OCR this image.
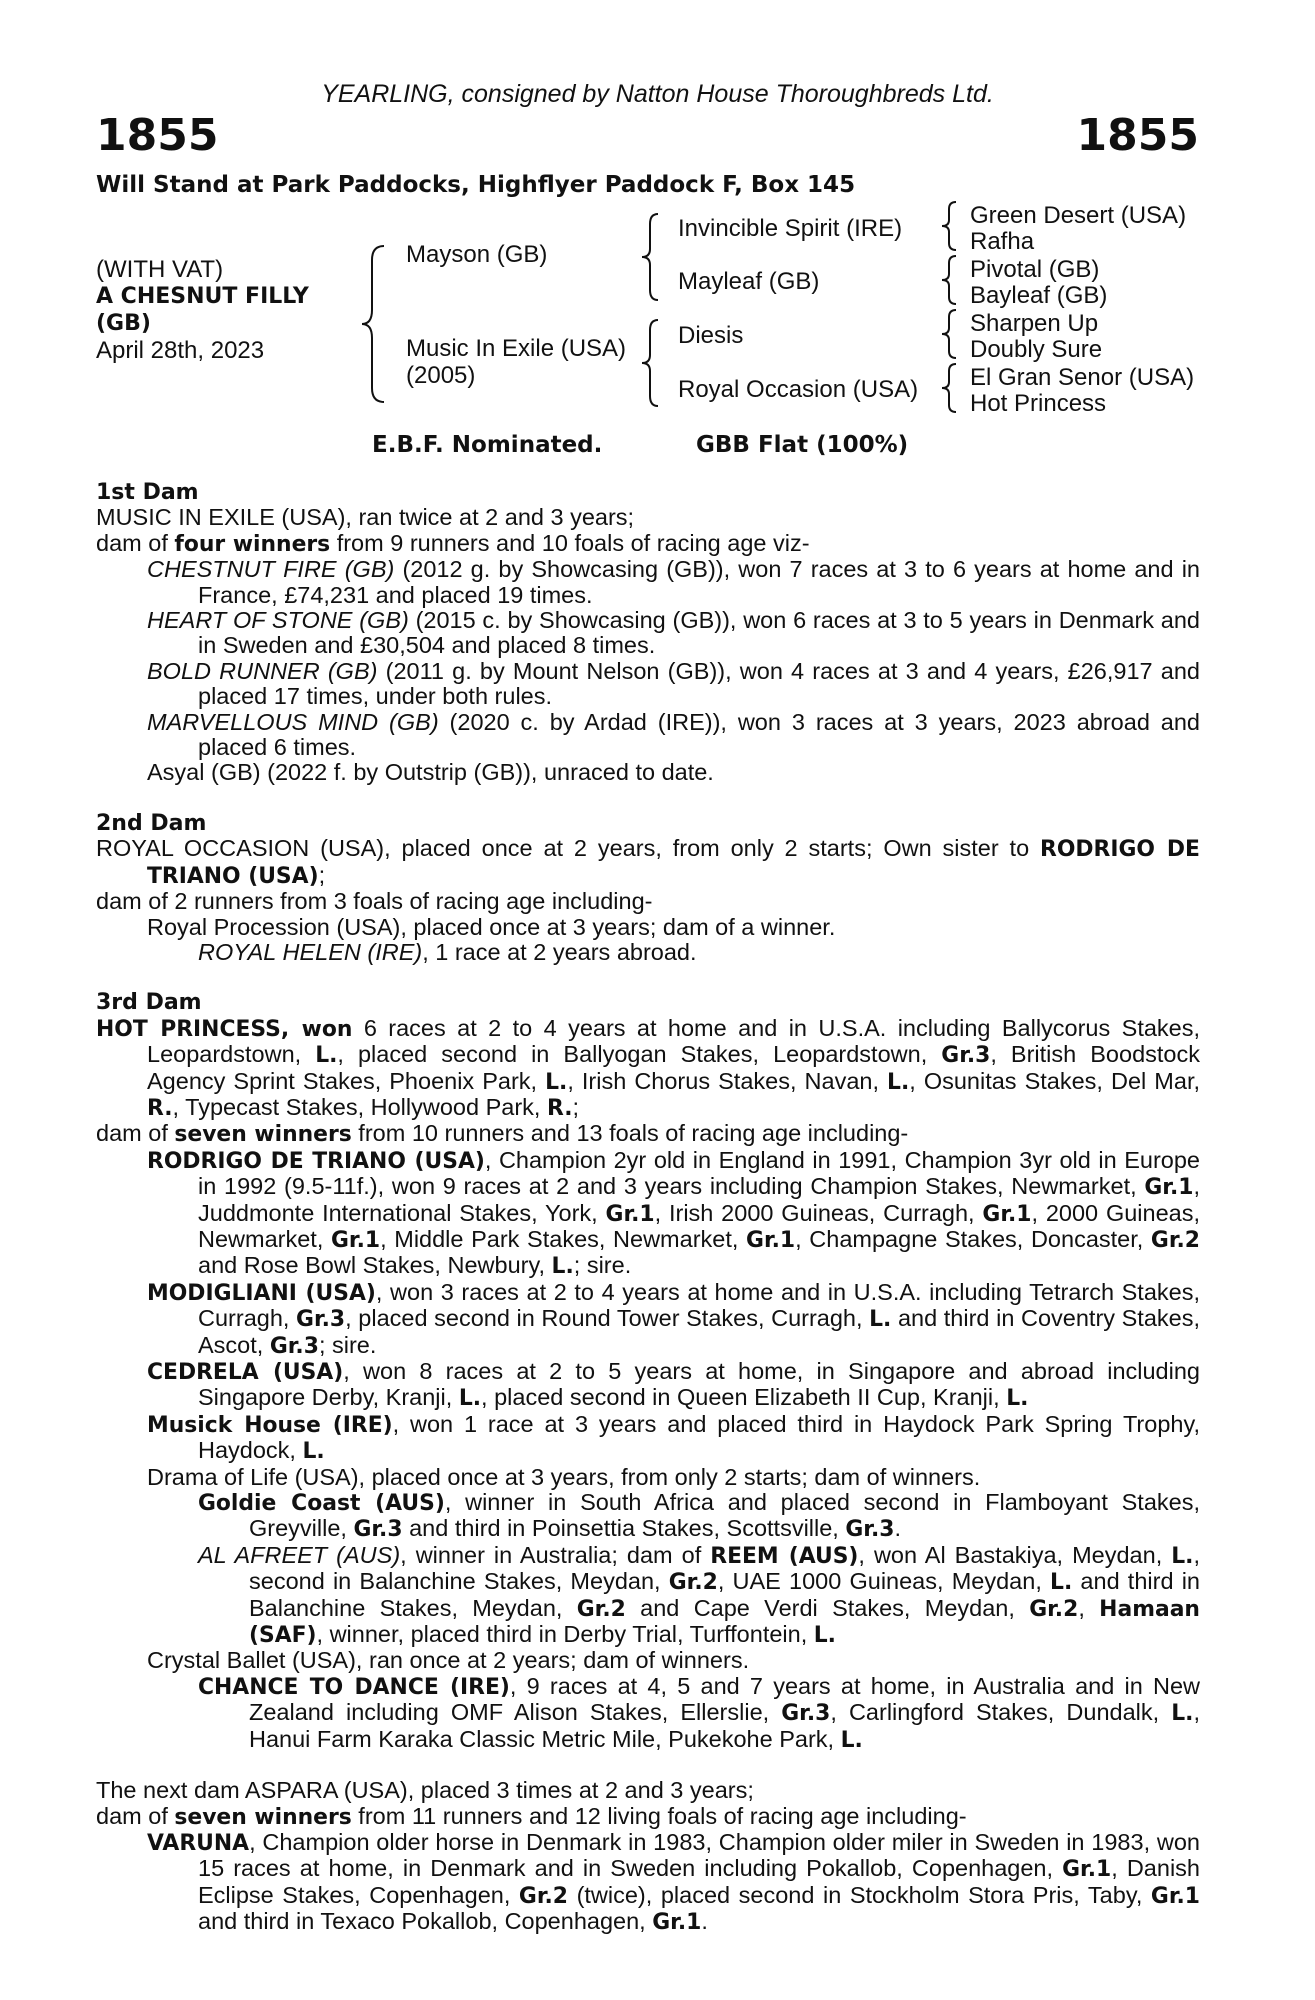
YEARLING, consigned by Natton House Thoroughbreds Ltd.
1855	1855
Will Stand at Park Paddocks, Highflyer Paddock F, Box 145
(WITH VAT)
A CHESNUT FILLY
(GB)
April 28th, 2023
Mayson (GB)
Music In Exile (USA)
(2005)
Invincible Spirit (IRE)
Mayleaf (GB)
Diesis
Royal Occasion (USA)
Green Desert (USA)
Rafha
Pivotal (GB)
Bayleaf (GB)
Sharpen Up
Doubly Sure
El Gran Senor (USA)
Hot Princess
E.B.F. Nominated.	GBB Flat (100%)
1st Dam
MUSIC IN EXILE (USA), ran twice at 2 and 3 years;
dam of four winners from 9 runners and 10 foals of racing age viz-
CHESTNUT FIRE (GB) (2012 g. by Showcasing (GB)), won 7 races at 3 to 6 years at home and in France, £74,231 and placed 19 times.
HEART OF STONE (GB) (2015 c. by Showcasing (GB)), won 6 races at 3 to 5 years in Denmark and in Sweden and £30,504 and placed 8 times.
BOLD RUNNER (GB) (2011 g. by Mount Nelson (GB)), won 4 races at 3 and 4 years, £26,917 and placed 17 times, under both rules.
MARVELLOUS MIND (GB) (2020 c. by Ardad (IRE)), won 3 races at 3 years, 2023 abroad and placed 6 times.
Asyal (GB) (2022 f. by Outstrip (GB)), unraced to date.
2nd Dam
ROYAL OCCASION (USA), placed once at 2 years, from only 2 starts; Own sister to RODRIGO DE TRIANO (USA);
dam of 2 runners from 3 foals of racing age including-
Royal Procession (USA), placed once at 3 years; dam of a winner.
ROYAL HELEN (IRE), 1 race at 2 years abroad.
3rd Dam
HOT PRINCESS, won 6 races at 2 to 4 years at home and in U.S.A. including Ballycorus Stakes, Leopardstown, L., placed second in Ballyogan Stakes, Leopardstown, Gr.3, British Boodstock Agency Sprint Stakes, Phoenix Park, L., Irish Chorus Stakes, Navan, L., Osunitas Stakes, Del Mar, R., Typecast Stakes, Hollywood Park, R.;
dam of seven winners from 10 runners and 13 foals of racing age including-
RODRIGO DE TRIANO (USA), Champion 2yr old in England in 1991, Champion 3yr old in Europe in 1992 (9.5-11f.), won 9 races at 2 and 3 years including Champion Stakes, Newmarket, Gr.1, Juddmonte International Stakes, York, Gr.1, Irish 2000 Guineas, Curragh, Gr.1, 2000 Guineas, Newmarket, Gr.1, Middle Park Stakes, Newmarket, Gr.1, Champagne Stakes, Doncaster, Gr.2 and Rose Bowl Stakes, Newbury, L.; sire.
MODIGLIANI (USA), won 3 races at 2 to 4 years at home and in U.S.A. including Tetrarch Stakes, Curragh, Gr.3, placed second in Round Tower Stakes, Curragh, L. and third in Coventry Stakes, Ascot, Gr.3; sire.
CEDRELA (USA), won 8 races at 2 to 5 years at home, in Singapore and abroad including Singapore Derby, Kranji, L., placed second in Queen Elizabeth II Cup, Kranji, L.
Musick House (IRE), won 1 race at 3 years and placed third in Haydock Park Spring Trophy, Haydock, L.
Drama of Life (USA), placed once at 3 years, from only 2 starts; dam of winners.
Goldie Coast (AUS), winner in South Africa and placed second in Flamboyant Stakes, Greyville, Gr.3 and third in Poinsettia Stakes, Scottsville, Gr.3.
AL AFREET (AUS), winner in Australia; dam of REEM (AUS), won Al Bastakiya, Meydan, L., second in Balanchine Stakes, Meydan, Gr.2, UAE 1000 Guineas, Meydan, L. and third in Balanchine Stakes, Meydan, Gr.2 and Cape Verdi Stakes, Meydan, Gr.2, Hamaan (SAF), winner, placed third in Derby Trial, Turffontein, L.
Crystal Ballet (USA), ran once at 2 years; dam of winners.
CHANCE TO DANCE (IRE), 9 races at 4, 5 and 7 years at home, in Australia and in New Zealand including OMF Alison Stakes, Ellerslie, Gr.3, Carlingford Stakes, Dundalk, L., Hanui Farm Karaka Classic Metric Mile, Pukekohe Park, L.
The next dam ASPARA (USA), placed 3 times at 2 and 3 years;
dam of seven winners from 11 runners and 12 living foals of racing age including-
VARUNA, Champion older horse in Denmark in 1983, Champion older miler in Sweden in 1983, won 15 races at home, in Denmark and in Sweden including Pokallob, Copenhagen, Gr.1, Danish Eclipse Stakes, Copenhagen, Gr.2 (twice), placed second in Stockholm Stora Pris, Taby, Gr.1 and third in Texaco Pokallob, Copenhagen, Gr.1.
